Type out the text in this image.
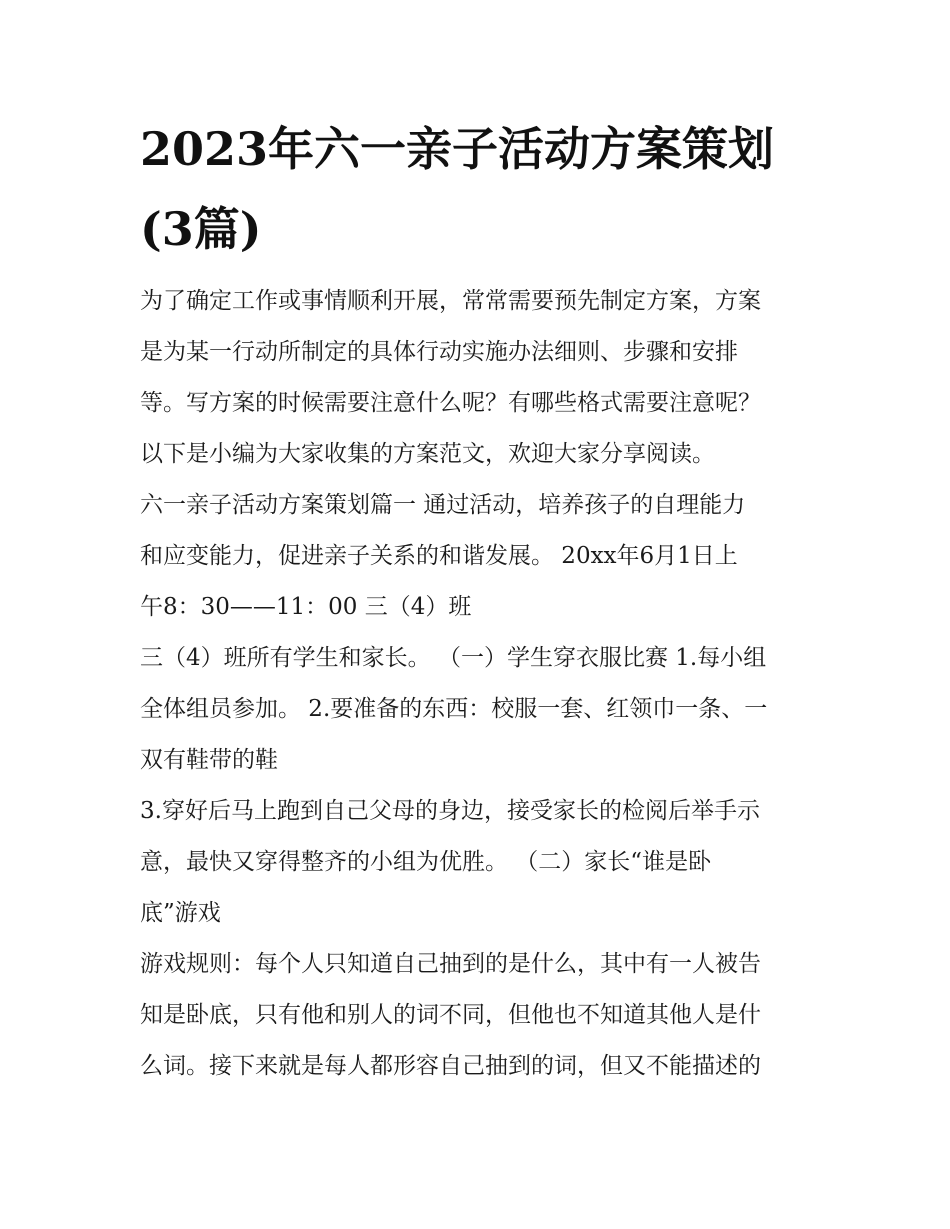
2023年六一亲子活动方案策划
(3篇)

为了确定工作或事情顺利开展，常常需要预先制定方案，方案

是为某一行动所制定的具体行动实施办法细则、步骤和安排

等。写方案的时候需要注意什么呢？有哪些格式需要注意呢？

以下是小编为大家收集的方案范文，欢迎大家分享阅读。

六一亲子活动方案策划篇一 通过活动，培养孩子的自理能力

和应变能力，促进亲子关系的和谐发展。 20xx年6月1日上

午8：30——11：00 三（4）班

三（4）班所有学生和家长。 （一）学生穿衣服比赛 1.每小组

全体组员参加。 2.要准备的东西：校服一套、红领巾一条、一

双有鞋带的鞋

3.穿好后马上跑到自己父母的身边，接受家长的检阅后举手示

意，最快又穿得整齐的小组为优胜。 （二）家长“谁是卧

底”游戏

游戏规则：每个人只知道自己抽到的是什么，其中有一人被告

知是卧底，只有他和别人的词不同，但他也不知道其他人是什

么词。接下来就是每人都形容自己抽到的词，但又不能描述的
